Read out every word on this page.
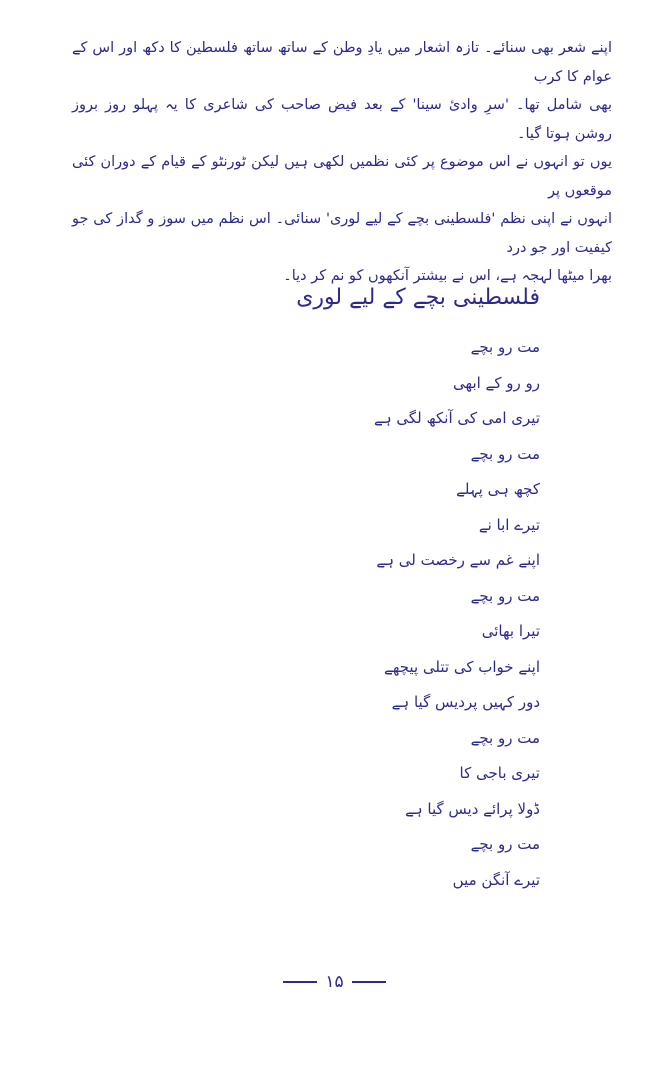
اپنے شعر بھی سنائے۔ تازہ اشعار میں یادِ وطن کے ساتھ ساتھ فلسطین کا دکھ اور اس کے عوام کا کرب

بھی شامل تھا۔ 'سرِ وادیٔ سینا' کے بعد فیض صاحب کی شاعری کا یہ پہلو روز بروز روشن ہوتا گیا۔

یوں تو انہوں نے اس موضوع پر کئی نظمیں لکھی ہیں لیکن ٹورنٹو کے قیام کے دوران کئی موقعوں پر

انہوں نے اپنی نظم 'فلسطینی بچے کے لیے لوری' سنائی۔ اس نظم میں سوز و گداز کی جو کیفیت اور جو درد

بھرا میٹھا لہجہ ہے، اس نے بیشتر آنکھوں کو نم کر دیا۔

فلسطینی بچے کے لیے لوری
مت رو بچے
رو رو کے ابھی
تیری امی کی آنکھ لگی ہے
مت رو بچے
کچھ ہی پہلے
تیرے ابا نے
اپنے غم سے رخصت لی ہے
مت رو بچے
تیرا بھائی
اپنے خواب کی تتلی پیچھے
دور کہیں پردیس گیا ہے
مت رو بچے
تیری باجی کا
ڈولا پرائے دیس گیا ہے
مت رو بچے
تیرے آنگن میں
۱۵
